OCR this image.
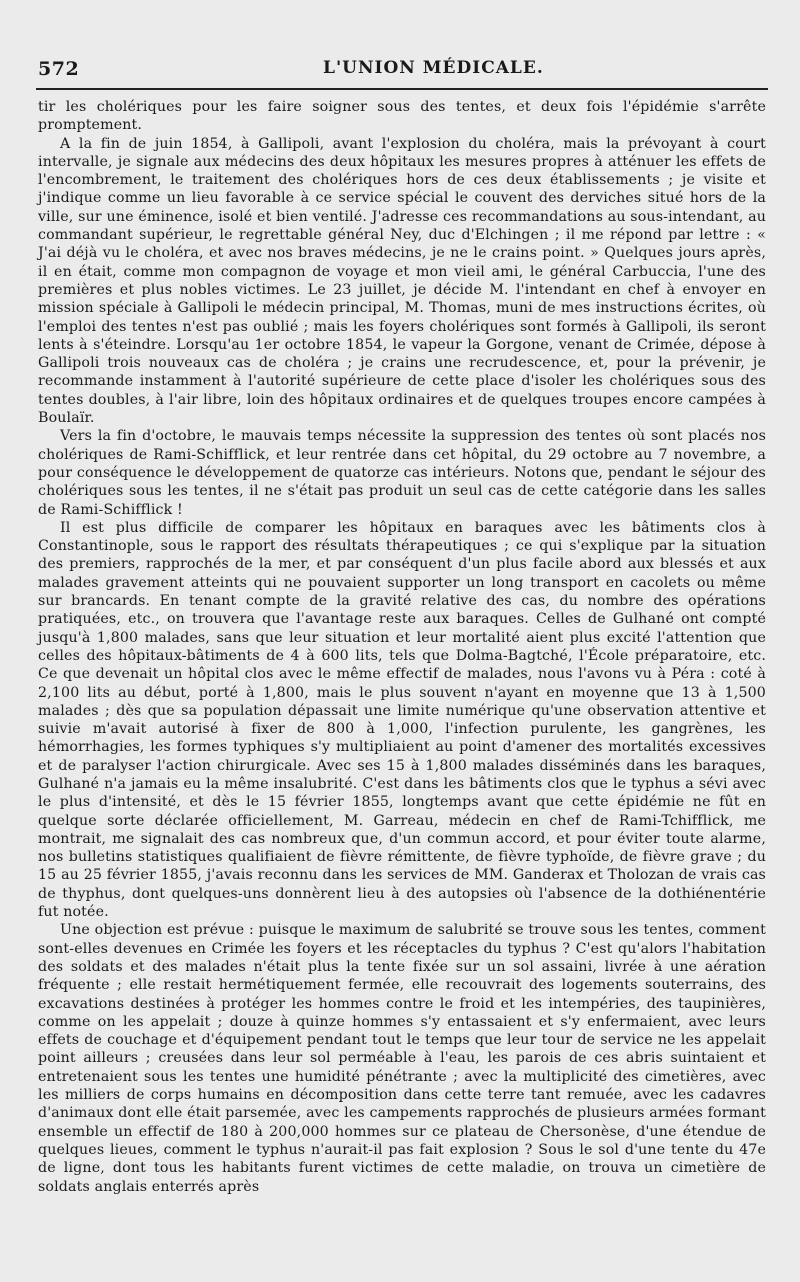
572	L'UNION MÉDICALE.

tir les cholériques pour les faire soigner sous des tentes, et deux fois l'épidémie s'arrête promptement.

A la fin de juin 1854, à Gallipoli, avant l'explosion du choléra, mais la prévoyant à court intervalle, je signale aux médecins des deux hôpitaux les mesures propres à atténuer les effets de l'encombrement, le traitement des cholériques hors de ces deux établissements ; je visite et j'indique comme un lieu favorable à ce service spécial le couvent des derviches situé hors de la ville, sur une éminence, isolé et bien ventilé. J'adresse ces recommandations au sous-intendant, au commandant supérieur, le regrettable général Ney, duc d'Elchingen ; il me répond par lettre : « J'ai déjà vu le choléra, et avec nos braves médecins, je ne le crains point. » Quelques jours après, il en était, comme mon compagnon de voyage et mon vieil ami, le général Carbuccia, l'une des premières et plus nobles victimes. Le 23 juillet, je décide M. l'intendant en chef à envoyer en mission spéciale à Gallipoli le médecin principal, M. Thomas, muni de mes instructions écrites, où l'emploi des tentes n'est pas oublié ; mais les foyers cholériques sont formés à Gallipoli, ils seront lents à s'éteindre. Lorsqu'au 1er octobre 1854, le vapeur la Gorgone, venant de Crimée, dépose à Gallipoli trois nouveaux cas de choléra ; je crains une recrudescence, et, pour la prévenir, je recommande instamment à l'autorité supérieure de cette place d'isoler les cholériques sous des tentes doubles, à l'air libre, loin des hôpitaux ordinaires et de quelques troupes encore campées à Boulaïr.

Vers la fin d'octobre, le mauvais temps nécessite la suppression des tentes où sont placés nos cholériques de Rami-Schifflick, et leur rentrée dans cet hôpital, du 29 octobre au 7 novembre, a pour conséquence le développement de quatorze cas intérieurs. Notons que, pendant le séjour des cholériques sous les tentes, il ne s'était pas produit un seul cas de cette catégorie dans les salles de Rami-Schifflick !

Il est plus difficile de comparer les hôpitaux en baraques avec les bâtiments clos à Constantinople, sous le rapport des résultats thérapeutiques ; ce qui s'explique par la situation des premiers, rapprochés de la mer, et par conséquent d'un plus facile abord aux blessés et aux malades gravement atteints qui ne pouvaient supporter un long transport en cacolets ou même sur brancards. En tenant compte de la gravité relative des cas, du nombre des opérations pratiquées, etc., on trouvera que l'avantage reste aux baraques. Celles de Gulhané ont compté jusqu'à 1,800 malades, sans que leur situation et leur mortalité aient plus excité l'attention que celles des hôpitaux-bâtiments de 4 à 600 lits, tels que Dolma-Bagtché, l'École préparatoire, etc. Ce que devenait un hôpital clos avec le même effectif de malades, nous l'avons vu à Péra : coté à 2,100 lits au début, porté à 1,800, mais le plus souvent n'ayant en moyenne que 13 à 1,500 malades ; dès que sa population dépassait une limite numérique qu'une observation attentive et suivie m'avait autorisé à fixer de 800 à 1,000, l'infection purulente, les gangrènes, les hémorrhagies, les formes typhiques s'y multipliaient au point d'amener des mortalités excessives et de paralyser l'action chirurgicale. Avec ses 15 à 1,800 malades disséminés dans les baraques, Gulhané n'a jamais eu la même insalubrité. C'est dans les bâtiments clos que le typhus a sévi avec le plus d'intensité, et dès le 15 février 1855, longtemps avant que cette épidémie ne fût en quelque sorte déclarée officiellement, M. Garreau, médecin en chef de Rami-Tchifflick, me montrait, me signalait des cas nombreux que, d'un commun accord, et pour éviter toute alarme, nos bulletins statistiques qualifiaient de fièvre rémittente, de fièvre typhoïde, de fièvre grave ; du 15 au 25 février 1855, j'avais reconnu dans les services de MM. Ganderax et Tholozan de vrais cas de thyphus, dont quelques-uns donnèrent lieu à des autopsies où l'absence de la dothiénentérie fut notée.

Une objection est prévue : puisque le maximum de salubrité se trouve sous les tentes, comment sont-elles devenues en Crimée les foyers et les réceptacles du typhus ? C'est qu'alors l'habitation des soldats et des malades n'était plus la tente fixée sur un sol assaini, livrée à une aération fréquente ; elle restait hermétiquement fermée, elle recouvrait des logements souterrains, des excavations destinées à protéger les hommes contre le froid et les intempéries, des taupinières, comme on les appelait ; douze à quinze hommes s'y entassaient et s'y enfermaient, avec leurs effets de couchage et d'équipement pendant tout le temps que leur tour de service ne les appelait point ailleurs ; creusées dans leur sol perméable à l'eau, les parois de ces abris suintaient et entretenaient sous les tentes une humidité pénétrante ; avec la multiplicité des cimetières, avec les milliers de corps humains en décomposition dans cette terre tant remuée, avec les cadavres d'animaux dont elle était parsemée, avec les campements rapprochés de plusieurs armées formant ensemble un effectif de 180 à 200,000 hommes sur ce plateau de Chersonèse, d'une étendue de quelques lieues, comment le typhus n'aurait-il pas fait explosion ? Sous le sol d'une tente du 47e de ligne, dont tous les habitants furent victimes de cette maladie, on trouva un cimetière de soldats anglais enterrés après
